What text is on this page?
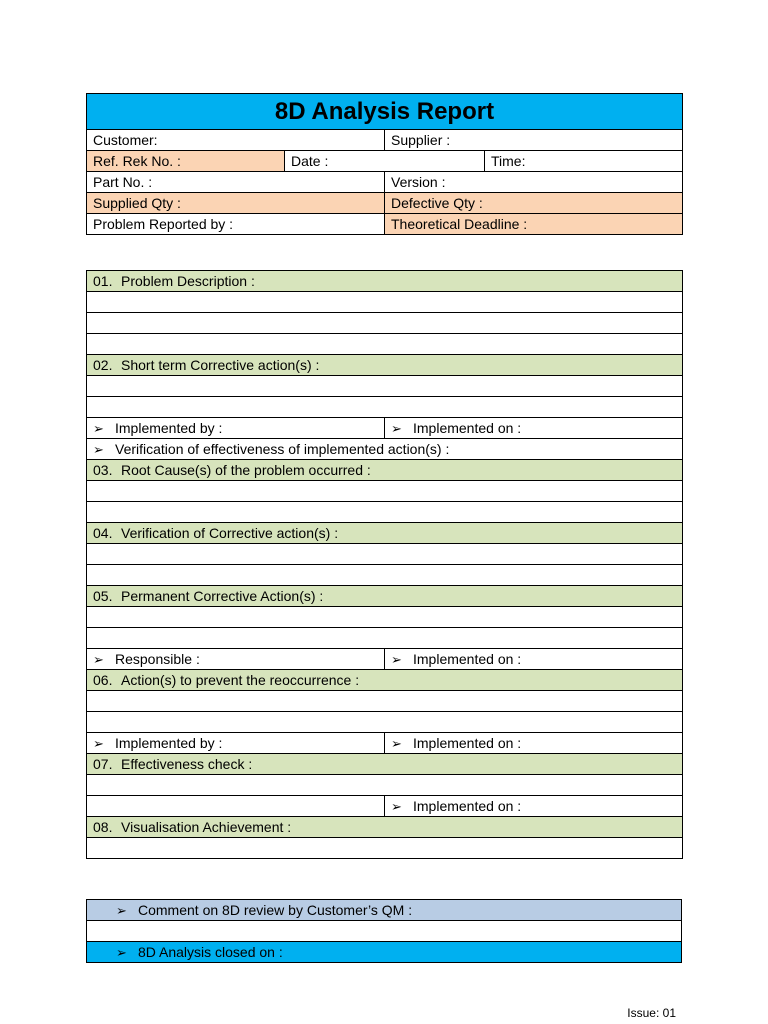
8D Analysis Report			
Customer:		Supplier :	
Ref. Rek No. :	Date :		Time:
Part No. :		Version :	
Supplied Qty :		Defective Qty :	
Problem Reported by :		Theoretical Deadline :	
01. Problem Description :	

02. Short term Corrective action(s) :	

➢ Implemented by :	➢ Implemented on :
➢ Verification of effectiveness of implemented action(s) :	
03. Root Cause(s) of the problem occurred :	

04. Verification of Corrective action(s) :	

05. Permanent Corrective Action(s) :	

➢ Responsible :	➢ Implemented on :
06. Action(s) to prevent the reoccurrence :	

➢ Implemented by :	➢ Implemented on :
07. Effectiveness check :	

	➢ Implemented on :
08. Visualisation Achievement :	

➢ Comment on 8D review by Customer’s QM :

➢ 8D Analysis closed on :
Issue: 01
